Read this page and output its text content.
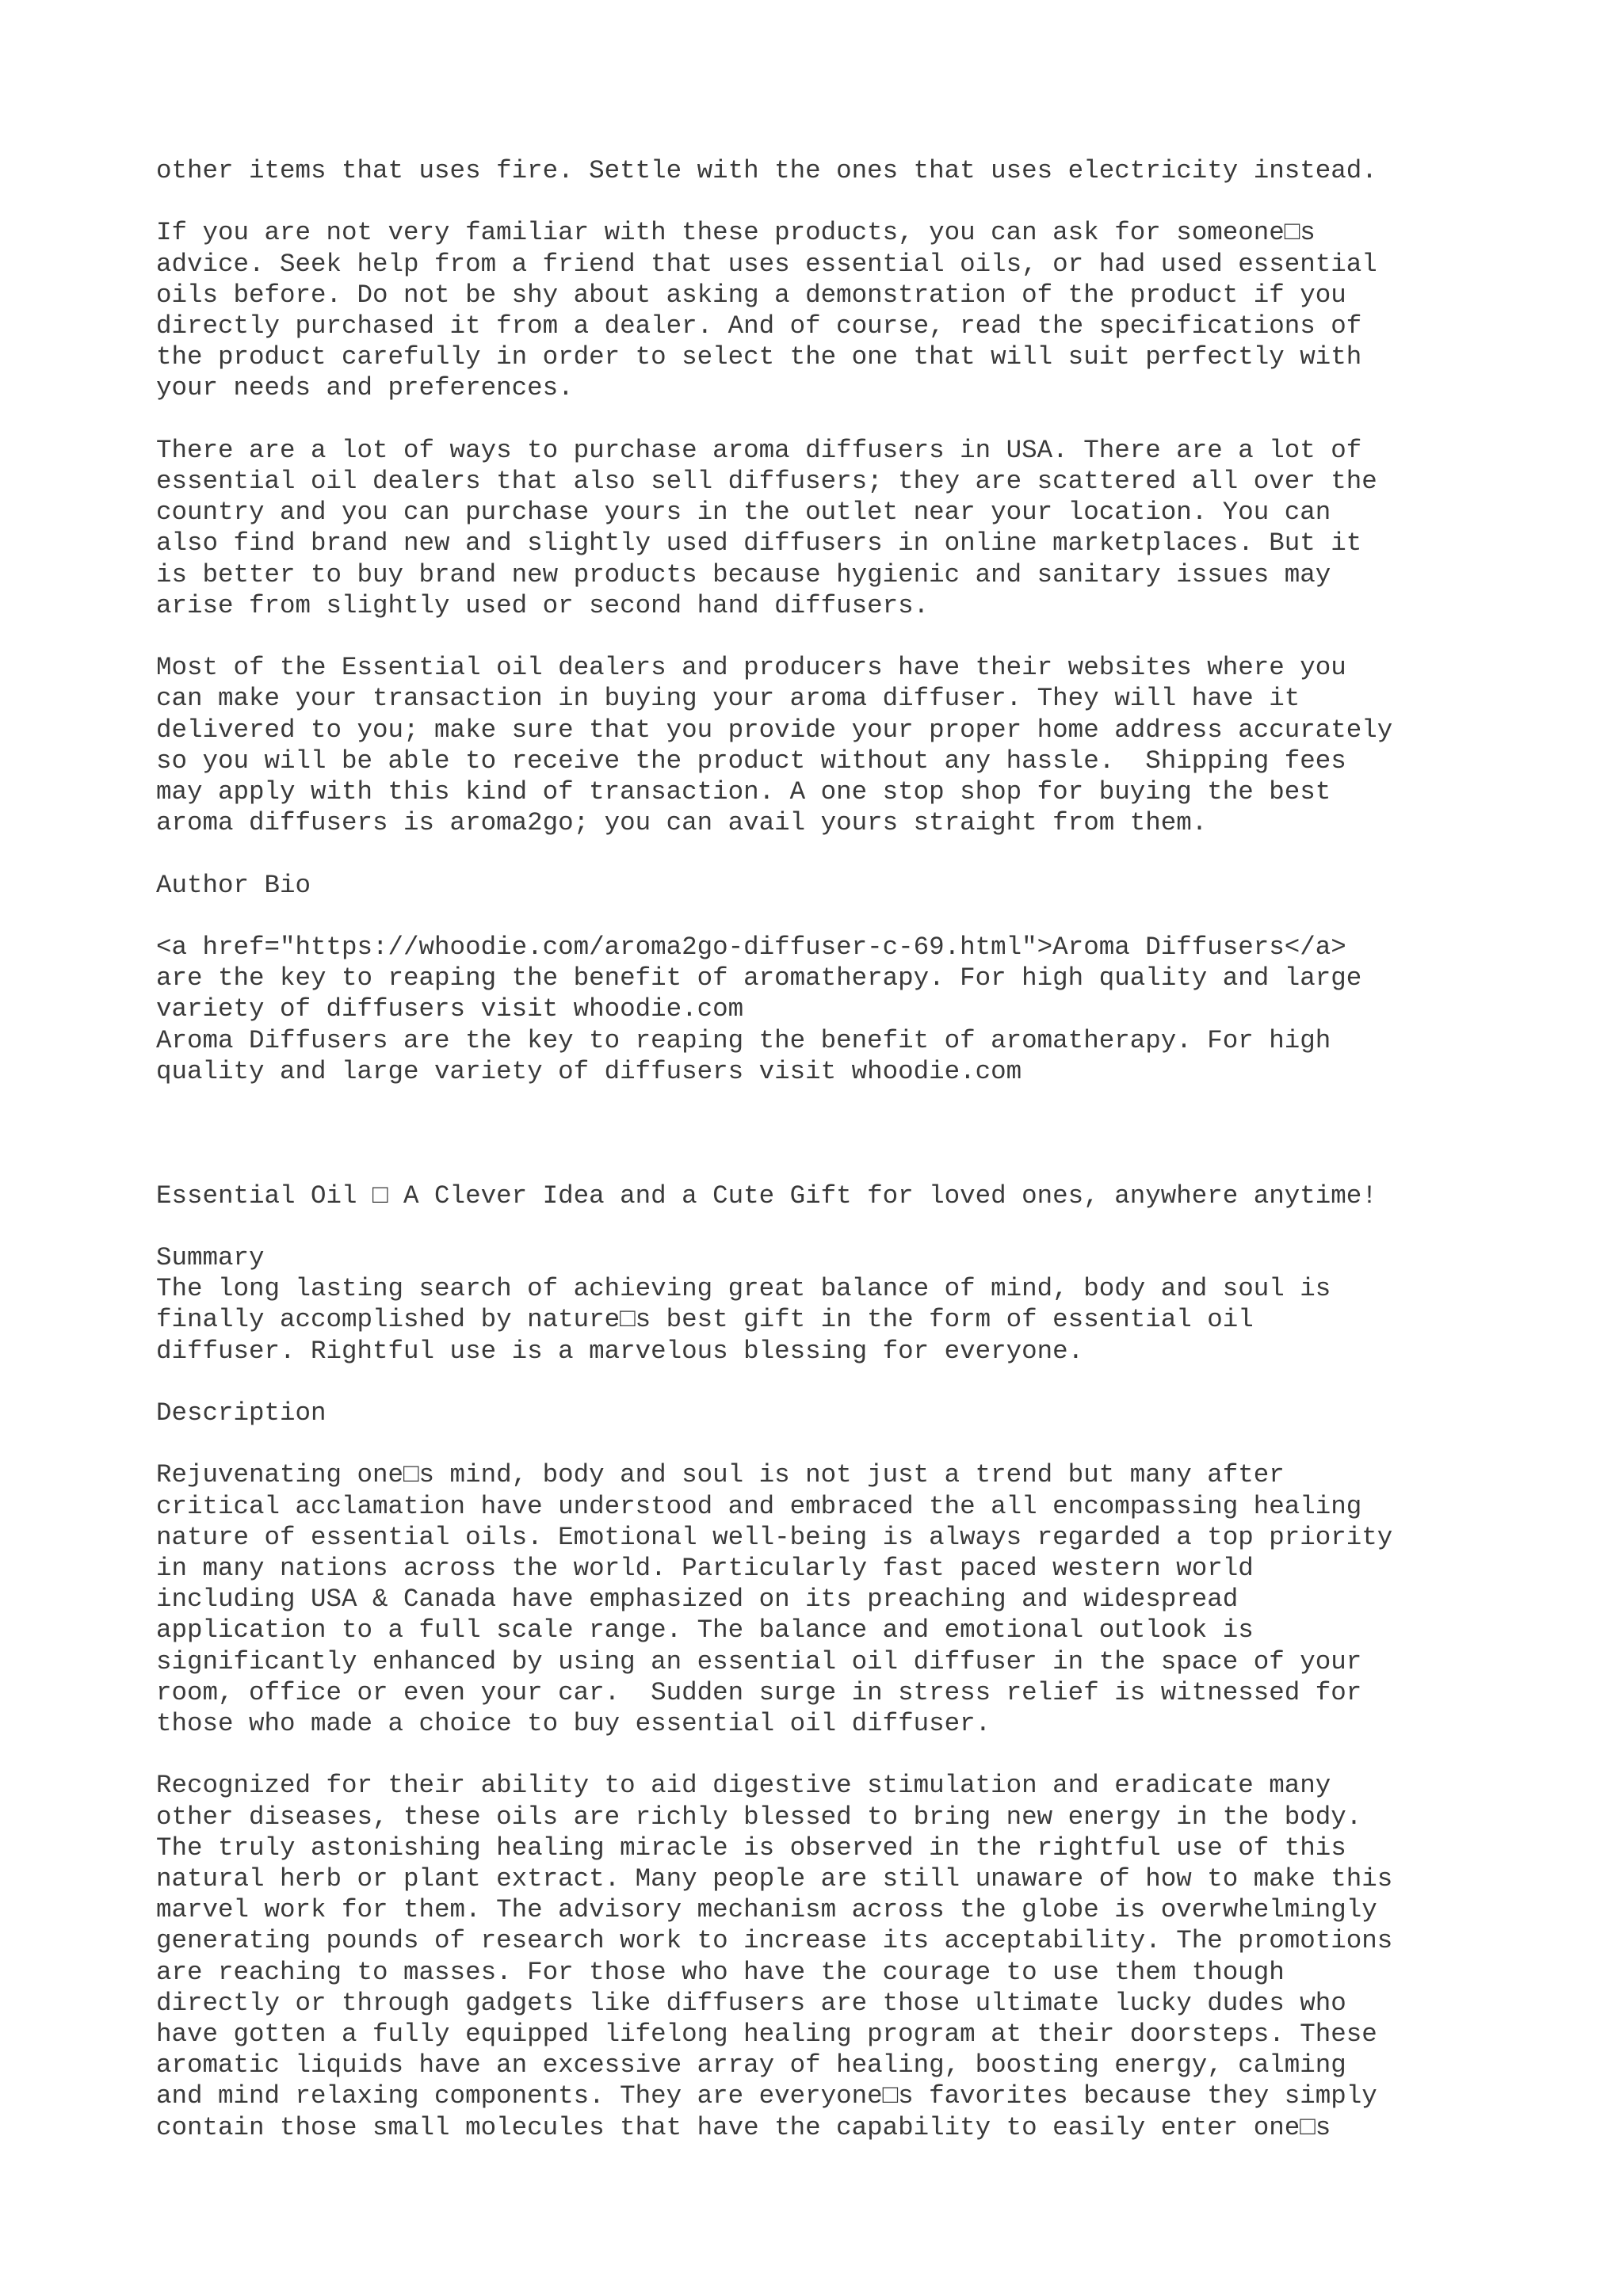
other items that uses fire. Settle with the ones that uses electricity instead.
If you are not very familiar with these products, you can ask for someone□s
advice. Seek help from a friend that uses essential oils, or had used essential
oils before. Do not be shy about asking a demonstration of the product if you
directly purchased it from a dealer. And of course, read the specifications of
the product carefully in order to select the one that will suit perfectly with
your needs and preferences.
There are a lot of ways to purchase aroma diffusers in USA. There are a lot of
essential oil dealers that also sell diffusers; they are scattered all over the
country and you can purchase yours in the outlet near your location. You can
also find brand new and slightly used diffusers in online marketplaces. But it
is better to buy brand new products because hygienic and sanitary issues may
arise from slightly used or second hand diffusers.
Most of the Essential oil dealers and producers have their websites where you
can make your transaction in buying your aroma diffuser. They will have it
delivered to you; make sure that you provide your proper home address accurately
so you will be able to receive the product without any hassle.  Shipping fees
may apply with this kind of transaction. A one stop shop for buying the best
aroma diffusers is aroma2go; you can avail yours straight from them.
Author Bio
<a href="https://whoodie.com/aroma2go-diffuser-c-69.html">Aroma Diffusers</a>
are the key to reaping the benefit of aromatherapy. For high quality and large
variety of diffusers visit whoodie.com
Aroma Diffusers are the key to reaping the benefit of aromatherapy. For high
quality and large variety of diffusers visit whoodie.com
Essential Oil □ A Clever Idea and a Cute Gift for loved ones, anywhere anytime!
Summary
The long lasting search of achieving great balance of mind, body and soul is
finally accomplished by nature□s best gift in the form of essential oil
diffuser. Rightful use is a marvelous blessing for everyone.
Description
Rejuvenating one□s mind, body and soul is not just a trend but many after
critical acclamation have understood and embraced the all encompassing healing
nature of essential oils. Emotional well-being is always regarded a top priority
in many nations across the world. Particularly fast paced western world
including USA & Canada have emphasized on its preaching and widespread
application to a full scale range. The balance and emotional outlook is
significantly enhanced by using an essential oil diffuser in the space of your
room, office or even your car.  Sudden surge in stress relief is witnessed for
those who made a choice to buy essential oil diffuser.
Recognized for their ability to aid digestive stimulation and eradicate many
other diseases, these oils are richly blessed to bring new energy in the body.
The truly astonishing healing miracle is observed in the rightful use of this
natural herb or plant extract. Many people are still unaware of how to make this
marvel work for them. The advisory mechanism across the globe is overwhelmingly
generating pounds of research work to increase its acceptability. The promotions
are reaching to masses. For those who have the courage to use them though
directly or through gadgets like diffusers are those ultimate lucky dudes who
have gotten a fully equipped lifelong healing program at their doorsteps. These
aromatic liquids have an excessive array of healing, boosting energy, calming
and mind relaxing components. They are everyone□s favorites because they simply
contain those small molecules that have the capability to easily enter one□s
